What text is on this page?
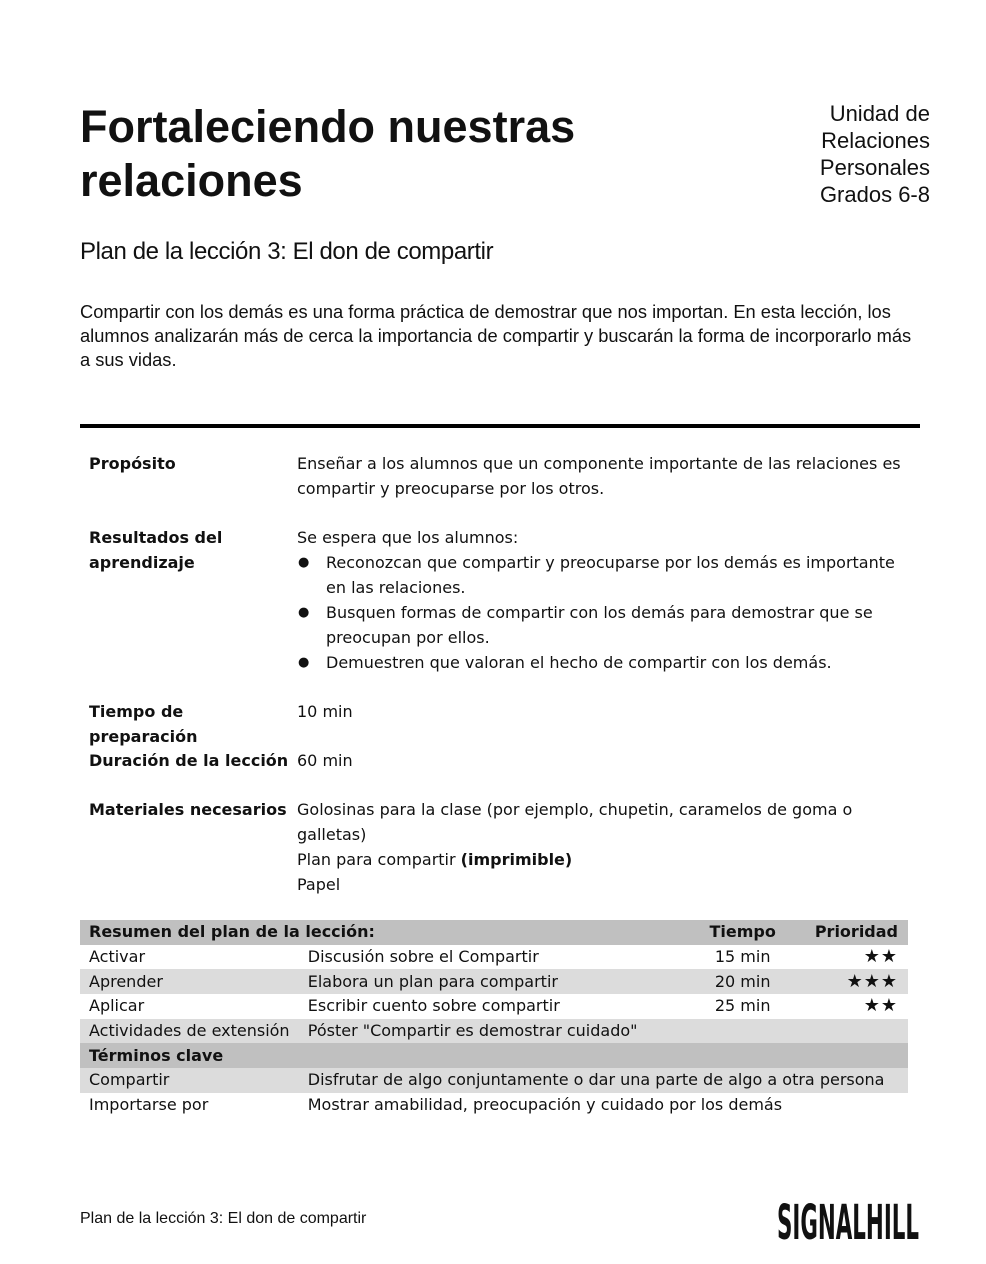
Fortaleciendo nuestras relaciones
Unidad de
Relaciones
Personales
Grados 6-8
Plan de la lección 3: El don de compartir

Compartir con los demás es una forma práctica de demostrar que nos importan. En esta lección, los alumnos analizarán más de cerca la importancia de compartir y buscarán la forma de incorporarlo más a sus vidas.

Propósito	Enseñar a los alumnos que un componente importante de las relaciones es compartir y preocuparse por los otros.
Resultados del aprendizaje
Se espera que los alumnos:
● Reconozcan que compartir y preocuparse por los demás es importante en las relaciones.
● Busquen formas de compartir con los demás para demostrar que se preocupan por ellos.
● Demuestren que valoran el hecho de compartir con los demás.
Tiempo de preparación
10 min
Duración de la lección 60 min
Materiales necesarios Golosinas para la clase (por ejemplo, chupetin, caramelos de goma o galletas)
Plan para compartir (imprimible)
Papel
Resumen del plan de la lección:		Tiempo	Prioridad
Activar	Discusión sobre el Compartir	15 min	★★
Aprender	Elabora un plan para compartir	20 min	★★★
Aplicar	Escribir cuento sobre compartir	25 min	★★
Actividades de extensión	Póster "Compartir es demostrar cuidado"		
Términos clave			
Compartir	Disfrutar de algo conjuntamente o dar una parte de algo a otra persona		
Importarse por	Mostrar amabilidad, preocupación y cuidado por los demás		
Plan de la lección 3: El don de compartir	SIGNALHILL
